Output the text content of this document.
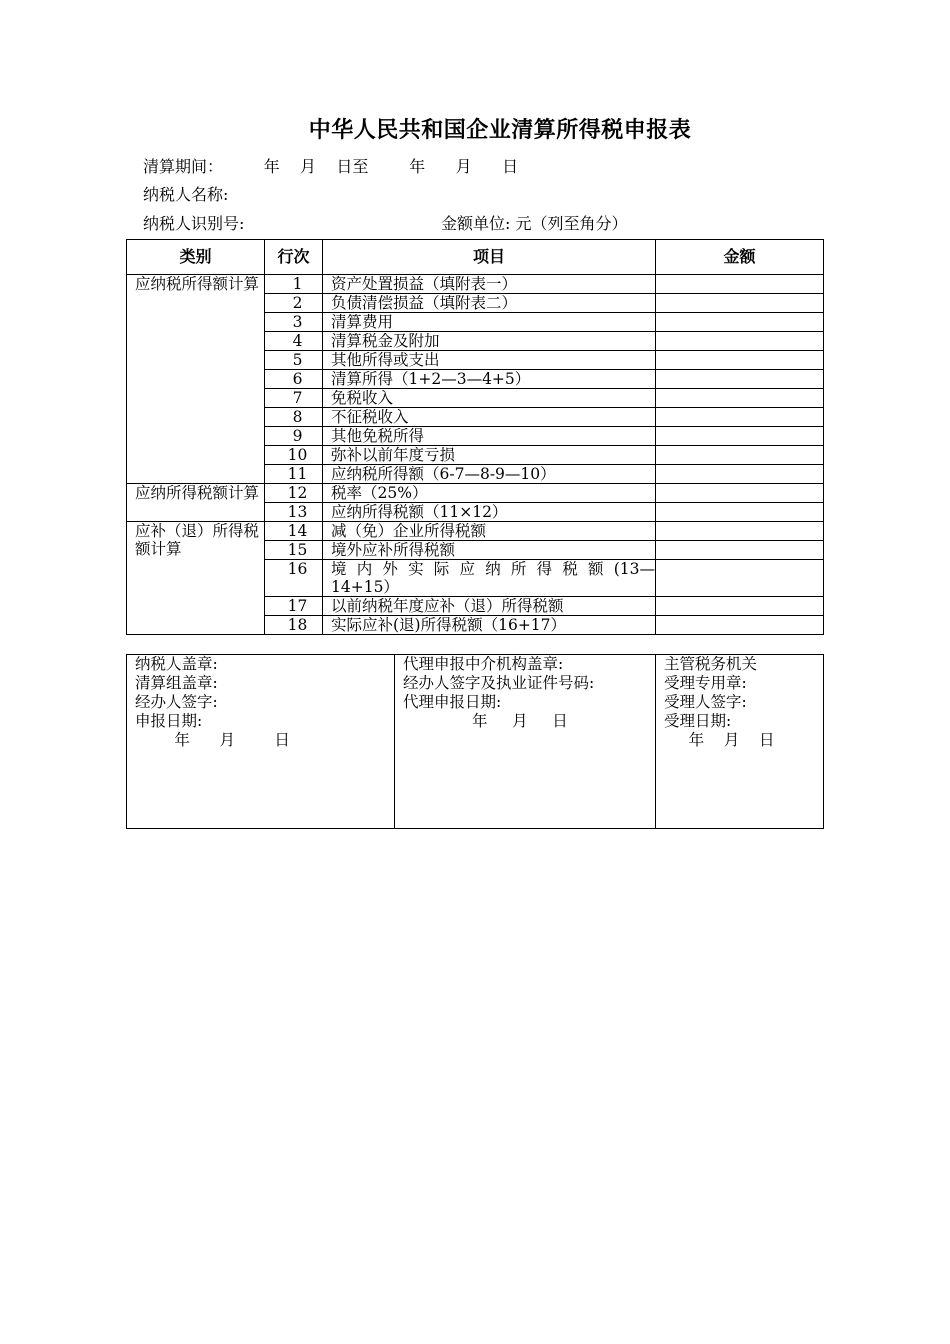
中华人民共和国企业清算所得税申报表
清算期间：        年    月    日至        年      月      日
纳税人名称:
纳税人识别号:	金额单位: 元（列至角分）
类别	行次	项目	金额
应纳税所得额计算	1	资产处置损益（填附表一）	
	2	负债清偿损益（填附表二）	
	3	清算费用	
	4	清算税金及附加	
	5	其他所得或支出	
	6	清算所得（1+2—3—4+5）	
	7	免税收入	
	8	不征税收入	
	9	其他免税所得	
	10	弥补以前年度亏损	
	11	应纳税所得额（6-7—8-9—10）	
应纳所得税额计算	12	税率（25%）	
	13	应纳所得税额（11×12）	
应补（退）所得税额计算	14	减（免）企业所得税额	
	15	境外应补所得税额	
	16	境 内 外 实 际 应 纳 所 得 税 额 (13—14+15）	
	17	以前纳税年度应补（退）所得税额	
	18	实际应补(退)所得税额（16+17）	
纳税人盖章:
清算组盖章:
经办人签字:
申报日期:
年      月        日

代理申报中介机构盖章:
经办人签字及执业证件号码:
代理申报日期:
年     月     日

主管税务机关
受理专用章:
受理人签字:
受理日期:
年    月    日
